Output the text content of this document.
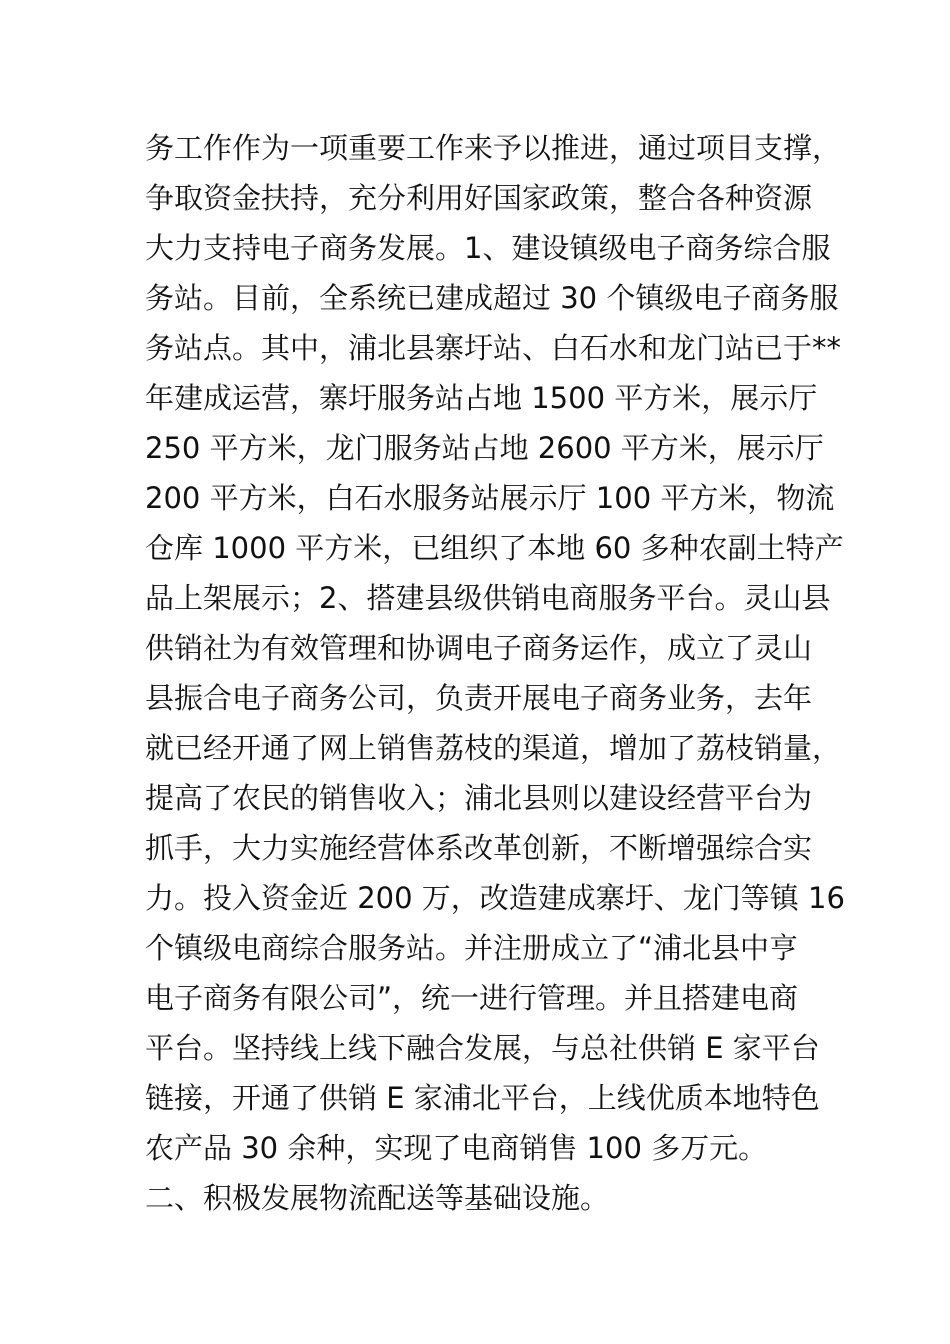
务工作作为一项重要工作来予以推进，通过项目支撑，
争取资金扶持，充分利用好国家政策，整合各种资源
大力支持电子商务发展。1、建设镇级电子商务综合服
务站。目前，全系统已建成超过 30 个镇级电子商务服
务站点。其中，浦北县寨圩站、白石水和龙门站已于**
年建成运营，寨圩服务站占地 1500 平方米，展示厅
250 平方米，龙门服务站占地 2600 平方米，展示厅
200 平方米，白石水服务站展示厅 100 平方米，物流
仓库 1000 平方米，已组织了本地 60 多种农副土特产
品上架展示；2、搭建县级供销电商服务平台。灵山县
供销社为有效管理和协调电子商务运作，成立了灵山
县振合电子商务公司，负责开展电子商务业务，去年
就已经开通了网上销售荔枝的渠道，增加了荔枝销量，
提高了农民的销售收入；浦北县则以建设经营平台为
抓手，大力实施经营体系改革创新，不断增强综合实
力。投入资金近 200 万，改造建成寨圩、龙门等镇 16
个镇级电商综合服务站。并注册成立了“浦北县中亨
电子商务有限公司”，统一进行管理。并且搭建电商
平台。坚持线上线下融合发展，与总社供销 E 家平台
链接，开通了供销 E 家浦北平台，上线优质本地特色
农产品 30 余种，实现了电商销售 100 多万元。
二、积极发展物流配送等基础设施。
